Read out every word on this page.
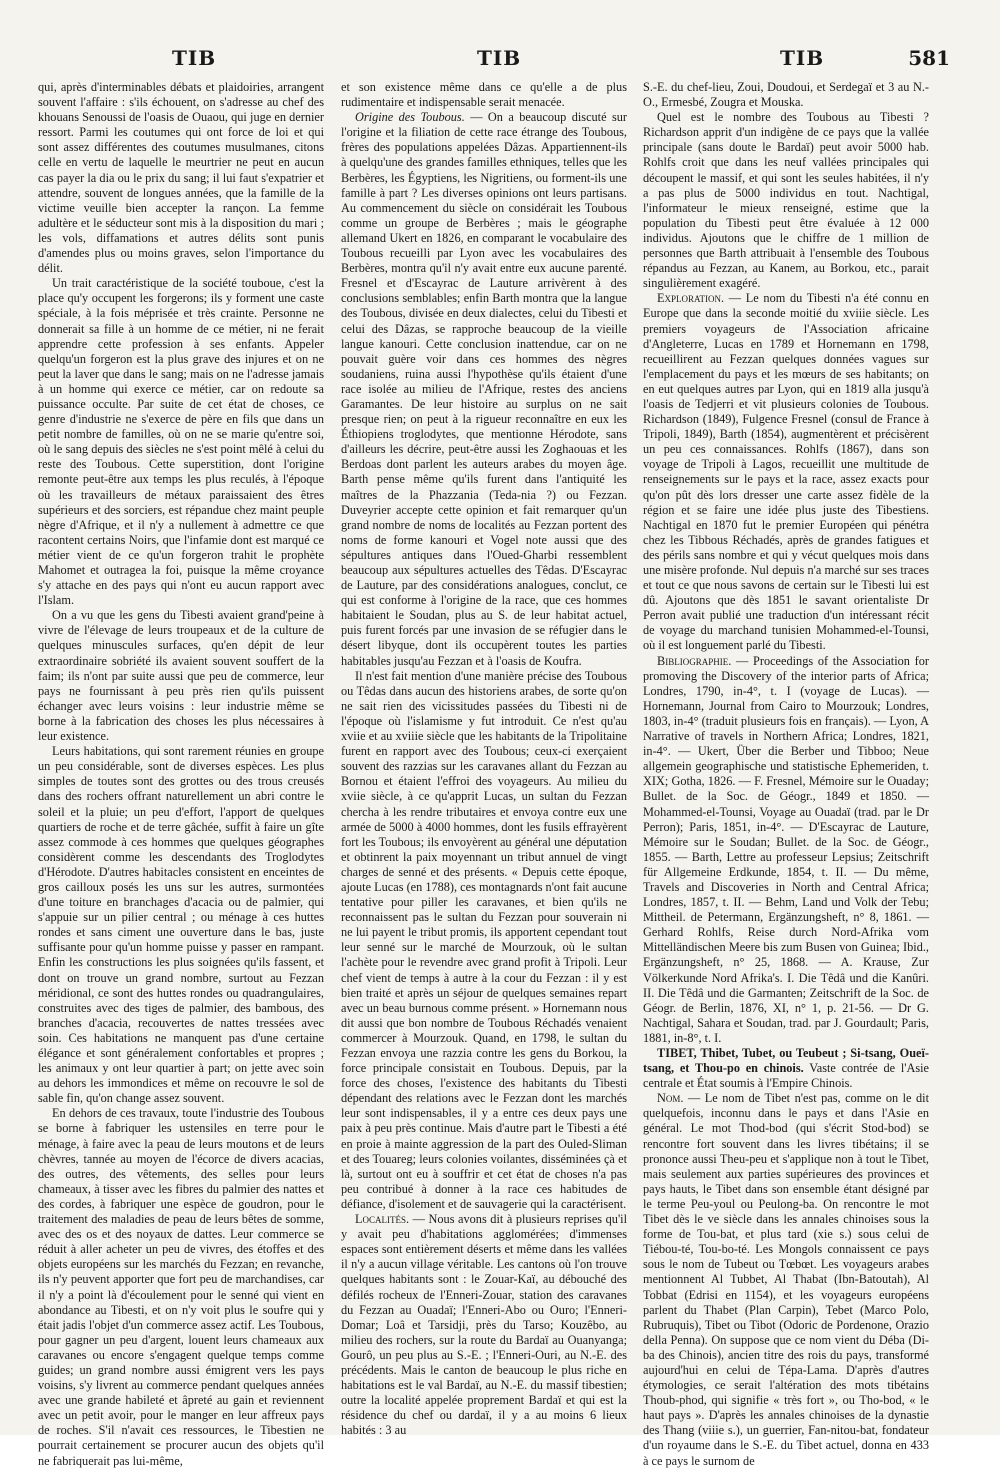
TIB	TIB	TIB	581

qui, après d'interminables débats et plaidoiries, arrangent souvent l'affaire : s'ils échouent, on s'adresse au chef des khouans Senoussi de l'oasis de Ouaou, qui juge en dernier ressort. Parmi les coutumes qui ont force de loi et qui sont assez différentes des coutumes musulmanes, citons celle en vertu de laquelle le meurtrier ne peut en aucun cas payer la dia ou le prix du sang; il lui faut s'expatrier et attendre, souvent de longues années, que la famille de la victime veuille bien accepter la rançon. La femme adultère et le séducteur sont mis à la disposition du mari ; les vols, diffamations et autres délits sont punis d'amendes plus ou moins graves, selon l'importance du délit.

Un trait caractéristique de la société touboue, c'est la place qu'y occupent les forgerons; ils y forment une caste spéciale, à la fois méprisée et très crainte. Personne ne donnerait sa fille à un homme de ce métier, ni ne ferait apprendre cette profession à ses enfants. Appeler quelqu'un forgeron est la plus grave des injures et on ne peut la laver que dans le sang; mais on ne l'adresse jamais à un homme qui exerce ce métier, car on redoute sa puissance occulte. Par suite de cet état de choses, ce genre d'industrie ne s'exerce de père en fils que dans un petit nombre de familles, où on ne se marie qu'entre soi, où le sang depuis des siècles ne s'est point mêlé à celui du reste des Toubous. Cette superstition, dont l'origine remonte peut-être aux temps les plus reculés, à l'époque où les travailleurs de métaux paraissaient des êtres supérieurs et des sorciers, est répandue chez maint peuple nègre d'Afrique, et il n'y a nullement à admettre ce que racontent certains Noirs, que l'infamie dont est marqué ce métier vient de ce qu'un forgeron trahit le prophète Mahomet et outragea la foi, puisque la même croyance s'y attache en des pays qui n'ont eu aucun rapport avec l'Islam.

On a vu que les gens du Tibesti avaient grand'peine à vivre de l'élevage de leurs troupeaux et de la culture de quelques minuscules surfaces, qu'en dépit de leur extraordinaire sobriété ils avaient souvent souffert de la faim; ils n'ont par suite aussi que peu de commerce, leur pays ne fournissant à peu près rien qu'ils puissent échanger avec leurs voisins : leur industrie même se borne à la fabrication des choses les plus nécessaires à leur existence.

Leurs habitations, qui sont rarement réunies en groupe un peu considérable, sont de diverses espèces. Les plus simples de toutes sont des grottes ou des trous creusés dans des rochers offrant naturellement un abri contre le soleil et la pluie; un peu d'effort, l'apport de quelques quartiers de roche et de terre gâchée, suffit à faire un gîte assez commode à ces hommes que quelques géographes considèrent comme les descendants des Troglodytes d'Hérodote. D'autres habitacles consistent en enceintes de gros cailloux posés les uns sur les autres, surmontées d'une toiture en branchages d'acacia ou de palmier, qui s'appuie sur un pilier central ; ou ménage à ces huttes rondes et sans ciment une ouverture dans le bas, juste suffisante pour qu'un homme puisse y passer en rampant. Enfin les constructions les plus soignées qu'ils fassent, et dont on trouve un grand nombre, surtout au Fezzan méridional, ce sont des huttes rondes ou quadrangulaires, construites avec des tiges de palmier, des bambous, des branches d'acacia, recouvertes de nattes tressées avec soin. Ces habitations ne manquent pas d'une certaine élégance et sont généralement confortables et propres ; les animaux y ont leur quartier à part; on jette avec soin au dehors les immondices et même on recouvre le sol de sable fin, qu'on change assez souvent.

En dehors de ces travaux, toute l'industrie des Toubous se borne à fabriquer les ustensiles en terre pour le ménage, à faire avec la peau de leurs moutons et de leurs chèvres, tannée au moyen de l'écorce de divers acacias, des outres, des vêtements, des selles pour leurs chameaux, à tisser avec les fibres du palmier des nattes et des cordes, à fabriquer une espèce de goudron, pour le traitement des maladies de peau de leurs bêtes de somme, avec des os et des noyaux de dattes. Leur commerce se réduit à aller acheter un peu de vivres, des étoffes et des objets européens sur les marchés du Fezzan; en revanche, ils n'y peuvent apporter que fort peu de marchandises, car il n'y a point là d'écoulement pour le senné qui vient en abondance au Tibesti, et on n'y voit plus le soufre qui y était jadis l'objet d'un commerce assez actif. Les Toubous, pour gagner un peu d'argent, louent leurs chameaux aux caravanes ou encore s'engagent quelque temps comme guides; un grand nombre aussi émigrent vers les pays voisins, s'y livrent au commerce pendant quelques années avec une grande habileté et âpreté au gain et reviennent avec un petit avoir, pour le manger en leur affreux pays de roches. S'il n'avait ces ressources, le Tibestien ne pourrait certainement se procurer aucun des objets qu'il ne fabriquerait pas lui-même,

et son existence même dans ce qu'elle a de plus rudimentaire et indispensable serait menacée.

Origine des Toubous. — On a beaucoup discuté sur l'origine et la filiation de cette race étrange des Toubous, frères des populations appelées Dâzas. Appartiennent-ils à quelqu'une des grandes familles ethniques, telles que les Berbères, les Égyptiens, les Nigritiens, ou forment-ils une famille à part ? Les diverses opinions ont leurs partisans. Au commencement du siècle on considérait les Toubous comme un groupe de Berbères ; mais le géographe allemand Ukert en 1826, en comparant le vocabulaire des Toubous recueilli par Lyon avec les vocabulaires des Berbères, montra qu'il n'y avait entre eux aucune parenté. Fresnel et d'Escayrac de Lauture arrivèrent à des conclusions semblables; enfin Barth montra que la langue des Toubous, divisée en deux dialectes, celui du Tibesti et celui des Dâzas, se rapproche beaucoup de la vieille langue kanouri. Cette conclusion inattendue, car on ne pouvait guère voir dans ces hommes des nègres soudaniens, ruina aussi l'hypothèse qu'ils étaient d'une race isolée au milieu de l'Afrique, restes des anciens Garamantes. De leur histoire au surplus on ne sait presque rien; on peut à la rigueur reconnaître en eux les Éthiopiens troglodytes, que mentionne Hérodote, sans d'ailleurs les décrire, peut-être aussi les Zoghaouas et les Berdoas dont parlent les auteurs arabes du moyen âge. Barth pense même qu'ils furent dans l'antiquité les maîtres de la Phazzania (Teda-nia ?) ou Fezzan. Duveyrier accepte cette opinion et fait remarquer qu'un grand nombre de noms de localités au Fezzan portent des noms de forme kanouri et Vogel note aussi que des sépultures antiques dans l'Oued-Gharbi ressemblent beaucoup aux sépultures actuelles des Têdas. D'Escayrac de Lauture, par des considérations analogues, conclut, ce qui est conforme à l'origine de la race, que ces hommes habitaient le Soudan, plus au S. de leur habitat actuel, puis furent forcés par une invasion de se réfugier dans le désert libyque, dont ils occupèrent toutes les parties habitables jusqu'au Fezzan et à l'oasis de Koufra.

Il n'est fait mention d'une manière précise des Toubous ou Têdas dans aucun des historiens arabes, de sorte qu'on ne sait rien des vicissitudes passées du Tibesti ni de l'époque où l'islamisme y fut introduit. Ce n'est qu'au xviie et au xviiie siècle que les habitants de la Tripolitaine furent en rapport avec des Toubous; ceux-ci exerçaient souvent des razzias sur les caravanes allant du Fezzan au Bornou et étaient l'effroi des voyageurs. Au milieu du xviie siècle, à ce qu'apprit Lucas, un sultan du Fezzan chercha à les rendre tributaires et envoya contre eux une armée de 5000 à 4000 hommes, dont les fusils effrayèrent fort les Toubous; ils envoyèrent au général une députation et obtinrent la paix moyennant un tribut annuel de vingt charges de senné et des présents. « Depuis cette époque, ajoute Lucas (en 1788), ces montagnards n'ont fait aucune tentative pour piller les caravanes, et bien qu'ils ne reconnaissent pas le sultan du Fezzan pour souverain ni ne lui payent le tribut promis, ils apportent cependant tout leur senné sur le marché de Mourzouk, où le sultan l'achète pour le revendre avec grand profit à Tripoli. Leur chef vient de temps à autre à la cour du Fezzan : il y est bien traité et après un séjour de quelques semaines repart avec un beau burnous comme présent. » Hornemann nous dit aussi que bon nombre de Toubous Réchadés venaient commercer à Mourzouk. Quand, en 1798, le sultan du Fezzan envoya une razzia contre les gens du Borkou, la force principale consistait en Toubous. Depuis, par la force des choses, l'existence des habitants du Tibesti dépendant des relations avec le Fezzan dont les marchés leur sont indispensables, il y a entre ces deux pays une paix à peu près continue. Mais d'autre part le Tibesti a été en proie à mainte aggression de la part des Ouled-Sliman et des Touareg; leurs colonies voilantes, disséminées çà et là, surtout ont eu à souffrir et cet état de choses n'a pas peu contribué à donner à la race ces habitudes de défiance, d'isolement et de sauvagerie qui la caractérisent.

Localités. — Nous avons dit à plusieurs reprises qu'il y avait peu d'habitations agglomérées; d'immenses espaces sont entièrement déserts et même dans les vallées il n'y a aucun village véritable. Les cantons où l'on trouve quelques habitants sont : le Zouar-Kaï, au débouché des défilés rocheux de l'Enneri-Zouar, station des caravanes du Fezzan au Ouadaï; l'Enneri-Abo ou Ouro; l'Enneri-Domar; Loâ et Tarsidji, près du Tarso; Kouzêbo, au milieu des rochers, sur la route du Bardaï au Ouanyanga; Gourô, un peu plus au S.-E. ; l'Enneri-Ouri, au N.-E. des précédents. Mais le canton de beaucoup le plus riche en habitations est le val Bardaï, au N.-E. du massif tibestien; outre la localité appelée proprement Bardaï et qui est la résidence du chef ou dardaï, il y a au moins 6 lieux habités : 3 au

S.-E. du chef-lieu, Zoui, Doudoui, et Serdegaï et 3 au N.-O., Ermesbé, Zougra et Mouska.

Quel est le nombre des Toubous au Tibesti ? Richardson apprit d'un indigène de ce pays que la vallée principale (sans doute le Bardaï) peut avoir 5000 hab. Rohlfs croit que dans les neuf vallées principales qui découpent le massif, et qui sont les seules habitées, il n'y a pas plus de 5000 individus en tout. Nachtigal, l'informateur le mieux renseigné, estime que la population du Tibesti peut être évaluée à 12 000 individus. Ajoutons que le chiffre de 1 million de personnes que Barth attribuait à l'ensemble des Toubous répandus au Fezzan, au Kanem, au Borkou, etc., parait singulièrement exagéré.

Exploration. — Le nom du Tibesti n'a été connu en Europe que dans la seconde moitié du xviiie siècle. Les premiers voyageurs de l'Association africaine d'Angleterre, Lucas en 1789 et Hornemann en 1798, recueillirent au Fezzan quelques données vagues sur l'emplacement du pays et les mœurs de ses habitants; on en eut quelques autres par Lyon, qui en 1819 alla jusqu'à l'oasis de Tedjerri et vit plusieurs colonies de Toubous. Richardson (1849), Fulgence Fresnel (consul de France à Tripoli, 1849), Barth (1854), augmentèrent et précisèrent un peu ces connaissances. Rohlfs (1867), dans son voyage de Tripoli à Lagos, recueillit une multitude de renseignements sur le pays et la race, assez exacts pour qu'on pût dès lors dresser une carte assez fidèle de la région et se faire une idée plus juste des Tibestiens. Nachtigal en 1870 fut le premier Européen qui pénétra chez les Tibbous Réchadés, après de grandes fatigues et des périls sans nombre et qui y vécut quelques mois dans une misère profonde. Nul depuis n'a marché sur ses traces et tout ce que nous savons de certain sur le Tibesti lui est dû. Ajoutons que dès 1851 le savant orientaliste Dr Perron avait publié une traduction d'un intéressant récit de voyage du marchand tunisien Mohammed-el-Tounsi, où il est longuement parlé du Tibesti.

Bibliographie. — Proceedings of the Association for promoving the Discovery of the interior parts of Africa; Londres, 1790, in-4°, t. I (voyage de Lucas). — Hornemann, Journal from Cairo to Mourzouk; Londres, 1803, in-4° (traduit plusieurs fois en français). — Lyon, A Narrative of travels in Northern Africa; Londres, 1821, in-4°. — Ukert, Über die Berber und Tibboo; Neue allgemein geographische und statistische Ephemeriden, t. XIX; Gotha, 1826. — F. Fresnel, Mémoire sur le Ouaday; Bullet. de la Soc. de Géogr., 1849 et 1850. — Mohammed-el-Tounsi, Voyage au Ouadaï (trad. par le Dr Perron); Paris, 1851, in-4°. — D'Escayrac de Lauture, Mémoire sur le Soudan; Bullet. de la Soc. de Géogr., 1855. — Barth, Lettre au professeur Lepsius; Zeitschrift für Allgemeine Erdkunde, 1854, t. II. — Du même, Travels and Discoveries in North and Central Africa; Londres, 1857, t. II. — Behm, Land und Volk der Tebu; Mittheil. de Petermann, Ergänzungsheft, n° 8, 1861. — Gerhard Rohlfs, Reise durch Nord-Afrika vom Mittelländischen Meere bis zum Busen von Guinea; Ibid., Ergänzungsheft, n° 25, 1868. — A. Krause, Zur Völkerkunde Nord Afrika's. I. Die Têdâ und die Kanûri. II. Die Têdâ und die Garmanten; Zeitschrift de la Soc. de Géogr. de Berlin, 1876, XI, n° 1, p. 21-56. — Dr G. Nachtigal, Sahara et Soudan, trad. par J. Gourdault; Paris, 1881, in-8°, t. I.

TIBET, Thibet, Tubet, ou Teubeut ; Si-tsang, Oueï-tsang, et Thou-po en chinois. Vaste contrée de l'Asie centrale et État soumis à l'Empire Chinois.

Nom. — Le nom de Tibet n'est pas, comme on le dit quelquefois, inconnu dans le pays et dans l'Asie en général. Le mot Thod-bod (qui s'écrit Stod-bod) se rencontre fort souvent dans les livres tibétains; il se prononce aussi Theu-peu et s'applique non à tout le Tibet, mais seulement aux parties supérieures des provinces et pays hauts, le Tibet dans son ensemble étant désigné par le terme Peu-youl ou Peulong-ba. On rencontre le mot Tibet dès le ve siècle dans les annales chinoises sous la forme de Tou-bat, et plus tard (xie s.) sous celui de Tiébou-té, Tou-bo-té. Les Mongols connaissent ce pays sous le nom de Tubeut ou Tœbœt. Les voyageurs arabes mentionnent Al Tubbet, Al Thabat (Ibn-Batoutah), Al Tobbat (Edrisi en 1154), et les voyageurs européens parlent du Thabet (Plan Carpin), Tebet (Marco Polo, Rubruquis), Tibet ou Tibot (Odoric de Pordenone, Orazio della Penna). On suppose que ce nom vient du Déba (Di-ba des Chinois), ancien titre des rois du pays, transformé aujourd'hui en celui de Tépa-Lama. D'après d'autres étymologies, ce serait l'altération des mots tibétains Thoub-phod, qui signifie « très fort », ou Tho-bod, « le haut pays ». D'après les annales chinoises de la dynastie des Thang (viiie s.), un guerrier, Fan-nitou-bat, fondateur d'un royaume dans le S.-E. du Tibet actuel, donna en 433 à ce pays le surnom de
